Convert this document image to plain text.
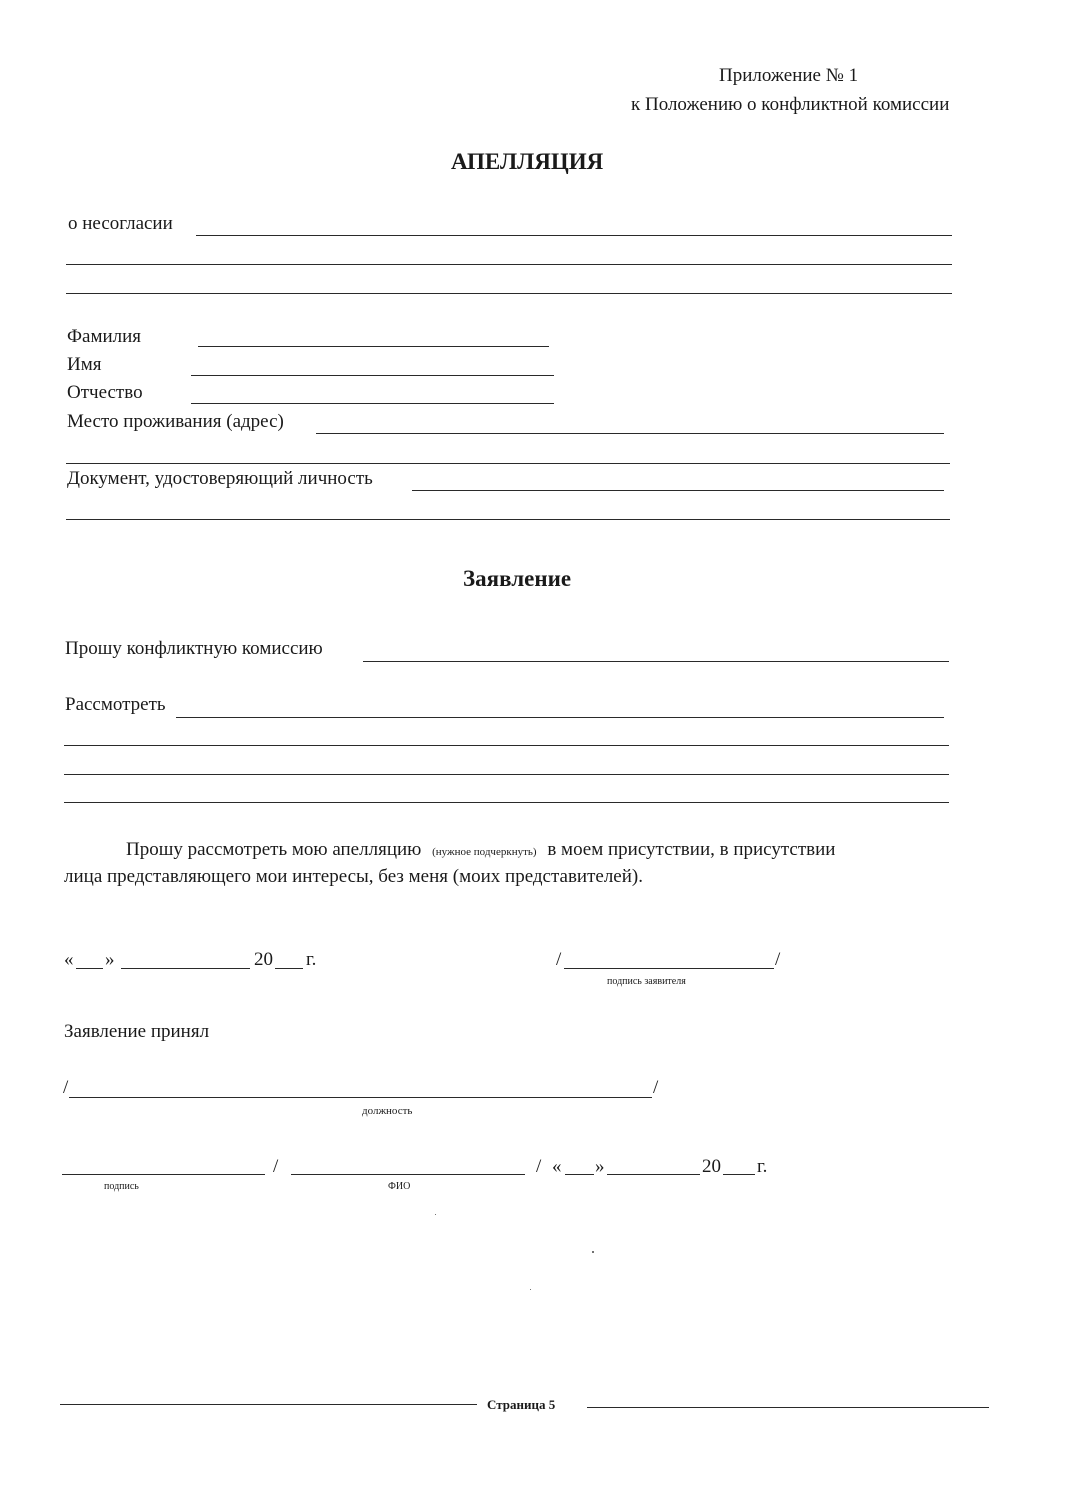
Приложение № 1
к Положению о конфликтной комиссии
АПЕЛЛЯЦИЯ
о несогласии
Фамилия
Имя
Отчество
Место проживания (адрес)
Документ, удостоверяющий личность
Заявление
Прошу конфликтную комиссию
Рассмотреть
Прошу рассмотреть мою апелляцию (нужное подчеркнуть) в моем присутствии, в присутствии
лица представляющего мои интересы, без меня (моих представителей).
« »	20 г.	/	/
подпись заявителя
Заявление принял
/	/
должность
/	/ « »	20 г.
подпись	ФИО
Страница 5
